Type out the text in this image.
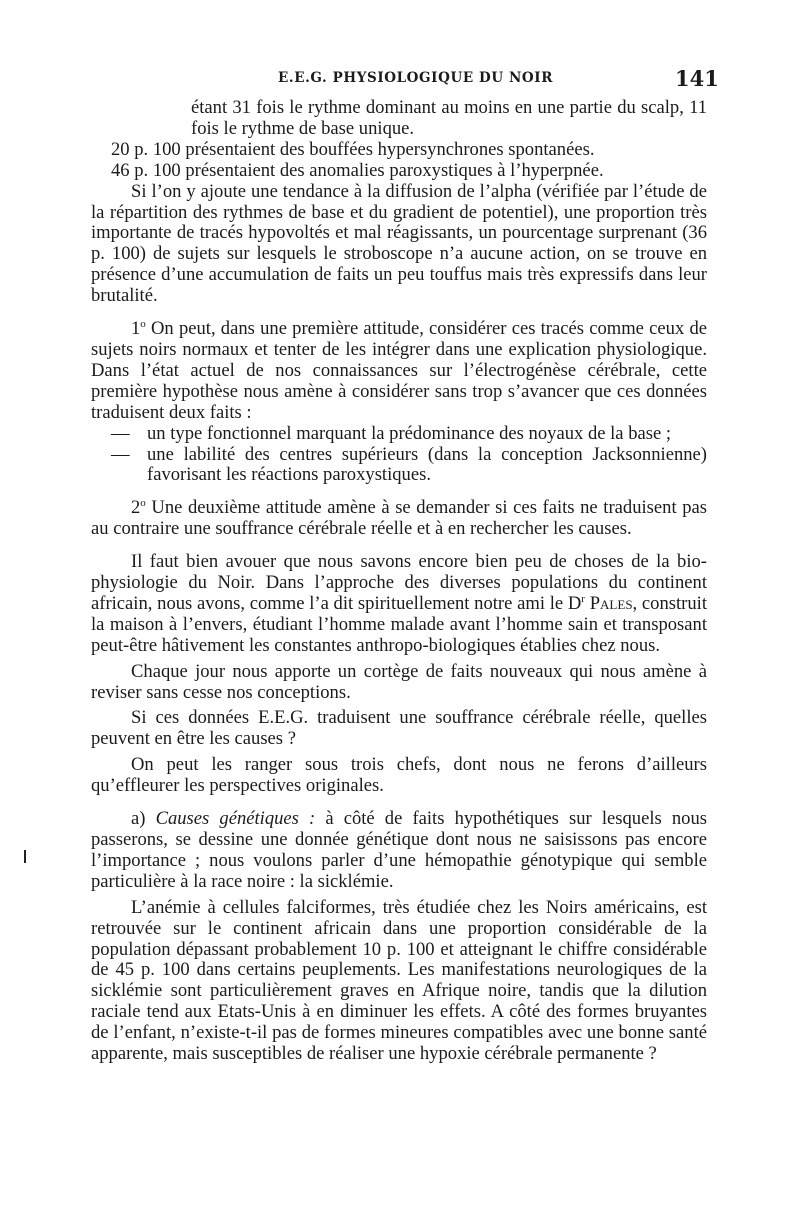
E.E.G. PHYSIOLOGIQUE DU NOIR	141

étant 31 fois le rythme dominant au moins en une partie du scalp, 11 fois le rythme de base unique.

20 p. 100 présentaient des bouffées hypersynchrones spontanées.

46 p. 100 présentaient des anomalies paroxystiques à l’hyperpnée.

Si l’on y ajoute une tendance à la diffusion de l’alpha (vérifiée par l’étude de la répartition des rythmes de base et du gradient de potentiel), une proportion très importante de tracés hypovoltés et mal réagissants, un pourcentage surprenant (36 p. 100) de sujets sur lesquels le stroboscope n’a aucune action, on se trouve en présence d’une accumulation de faits un peu touffus mais très expressifs dans leur brutalité.

1$^o$ On peut, dans une première attitude, considérer ces tracés comme ceux de sujets noirs normaux et tenter de les intégrer dans une explication physiologique. Dans l’état actuel de nos connaissances sur l’électrogénèse cérébrale, cette première hypothèse nous amène à considérer sans trop s’avancer que ces données traduisent deux faits :

— un type fonctionnel marquant la prédominance des noyaux de la base ;
— une labilité des centres supérieurs (dans la conception Jacksonnienne) favorisant les réactions paroxystiques.

2$^o$ Une deuxième attitude amène à se demander si ces faits ne traduisent pas au contraire une souffrance cérébrale réelle et à en rechercher les causes.

Il faut bien avouer que nous savons encore bien peu de choses de la bio-physiologie du Noir. Dans l’approche des diverses populations du continent africain, nous avons, comme l’a dit spirituellement notre ami le $D^r$ Pales, construit la maison à l’envers, étudiant l’homme malade avant l’homme sain et transposant peut-être hâtivement les constantes anthropo-biologiques établies chez nous.

Chaque jour nous apporte un cortège de faits nouveaux qui nous amène à reviser sans cesse nos conceptions.

Si ces données E.E.G. traduisent une souffrance cérébrale réelle, quelles peuvent en être les causes ?

On peut les ranger sous trois chefs, dont nous ne ferons d’ailleurs qu’effleurer les perspectives originales.

a) Causes génétiques : à côté de faits hypothétiques sur lesquels nous passerons, se dessine une donnée génétique dont nous ne saisissons pas encore l’importance ; nous voulons parler d’une hémopathie génotypique qui semble particulière à la race noire : la sicklémie.

L’anémie à cellules falciformes, très étudiée chez les Noirs américains, est retrouvée sur le continent africain dans une proportion considérable de la population dépassant probablement 10 p. 100 et atteignant le chiffre considérable de 45 p. 100 dans certains peuplements. Les manifestations neurologiques de la sicklémie sont particulièrement graves en Afrique noire, tandis que la dilution raciale tend aux Etats-Unis à en diminuer les effets. A côté des formes bruyantes de l’enfant, n’existe-t-il pas de formes mineures compatibles avec une bonne santé apparente, mais susceptibles de réaliser une hypoxie cérébrale permanente ?
